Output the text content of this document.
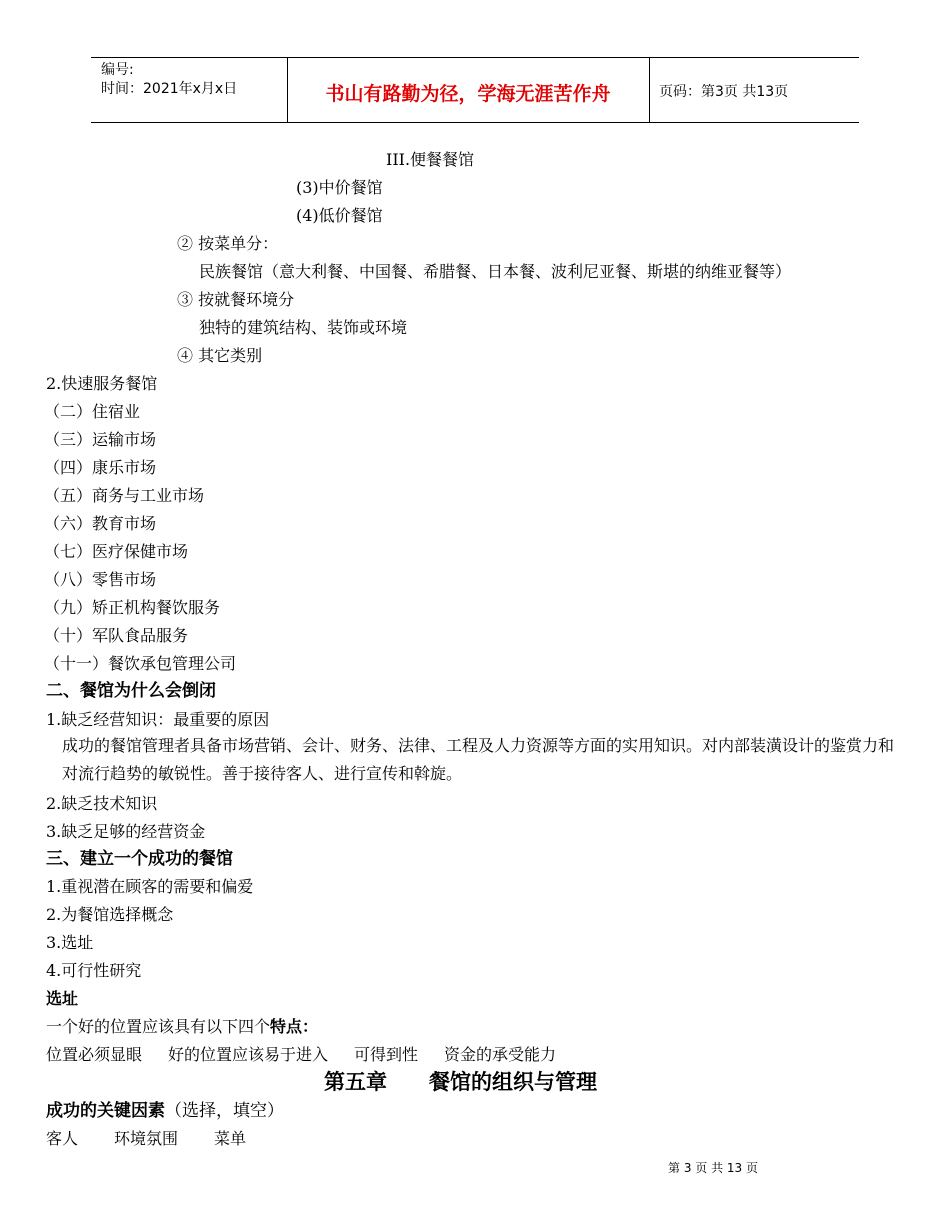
编号:
时间：2021年x月x日	书山有路勤为径，学海无涯苦作舟	页码：第3页 共13页
III.便餐餐馆
(3)中价餐馆
(4)低价餐馆
② 按菜单分：
民族餐馆（意大利餐、中国餐、希腊餐、日本餐、波利尼亚餐、斯堪的纳维亚餐等）
③ 按就餐环境分
独特的建筑结构、装饰或环境
④ 其它类别
2.快速服务餐馆
（二）住宿业
（三）运输市场
（四）康乐市场
（五）商务与工业市场
（六）教育市场
（七）医疗保健市场
（八）零售市场
（九）矫正机构餐饮服务
（十）军队食品服务
（十一）餐饮承包管理公司
二、餐馆为什么会倒闭
1.缺乏经营知识：最重要的原因
成功的餐馆管理者具备市场营销、会计、财务、法律、工程及人力资源等方面的实用知识。对内部装潢设计的鉴赏力和对流行趋势的敏锐性。善于接待客人、进行宣传和斡旋。
2.缺乏技术知识
3.缺乏足够的经营资金
三、建立一个成功的餐馆
1.重视潜在顾客的需要和偏爱
2.为餐馆选择概念
3.选址
4.可行性研究
选址
一个好的位置应该具有以下四个特点：
位置必须显眼 好的位置应该易于进入 可得到性 资金的承受能力
第五章 餐馆的组织与管理
成功的关键因素（选择，填空）
客人 环境氛围 菜单
第 3 页 共 13 页
